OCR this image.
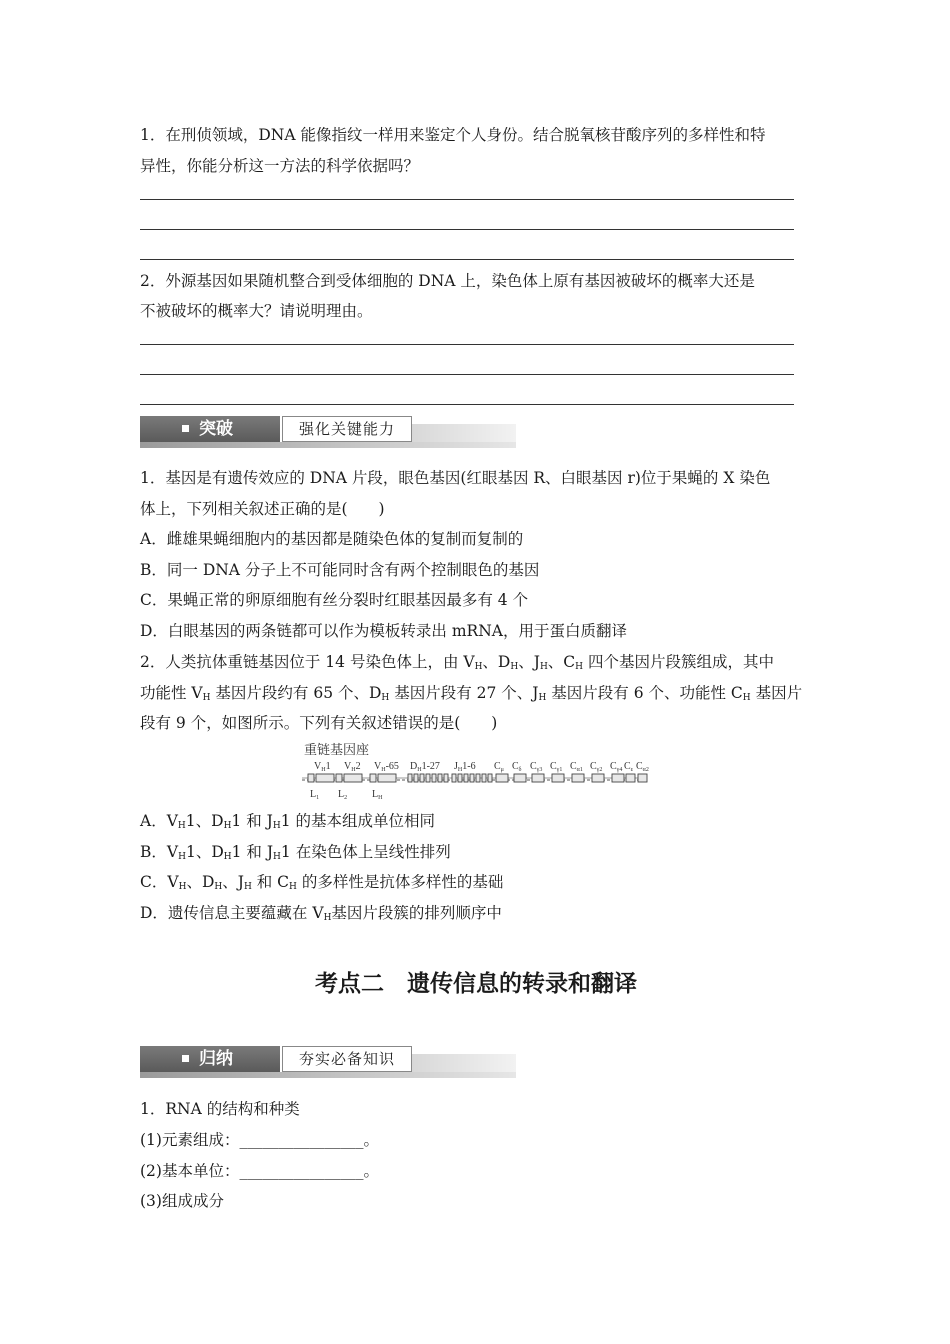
1．在刑侦领域，DNA 能像指纹一样用来鉴定个人身份。结合脱氧核苷酸序列的多样性和特
异性，你能分析这一方法的科学依据吗？
2．外源基因如果随机整合到受体细胞的 DNA 上，染色体上原有基因被破坏的概率大还是
不被破坏的概率大？请说明理由。
突破	强化关键能力
1．基因是有遗传效应的 DNA 片段，眼色基因(红眼基因 R、白眼基因 r)位于果蝇的 X 染色
体上，下列相关叙述正确的是(　　)
A．雌雄果蝇细胞内的基因都是随染色体的复制而复制的
B．同一 DNA 分子上不可能同时含有两个控制眼色的基因
C．果蝇正常的卵原细胞有丝分裂时红眼基因最多有 4 个
D．白眼基因的两条链都可以作为模板转录出 mRNA，用于蛋白质翻译
2．人类抗体重链基因位于 14 号染色体上，由 $V_H$、$D_H$、$J_H$、$C_H$ 四个基因片段簇组成，其中
功能性 $V_H$ 基因片段约有 65 个、$D_H$ 基因片段有 27 个、$J_H$ 基因片段有 6 个、功能性 $C_H$ 基因片
段有 9 个，如图所示。下列有关叙述错误的是(　　)
A．$V_H1$、$D_H1$ 和 $J_H1$ 的基本组成单位相同
B．$V_H1$、$D_H1$ 和 $J_H1$ 在染色体上呈线性排列
C．$V_H$、$D_H$、$J_H$ 和 $C_H$ 的多样性是抗体多样性的基础
D．遗传信息主要蕴藏在 $V_H$基因片段簇的排列顺序中
重链基因座
$V_H1$ $V_H2$ $V_H-65$ $D_H1-27$ $J_H1-6$ $C_\mu$ $C_\delta$ $C_{\gamma 3}$ $C_{\gamma 1}$ $C_{\alpha 1}$ $C_{\gamma 2}$ $C_{\gamma 4}$ $C_\varepsilon$ $C_{\alpha 2}$
$L_1$ $L_2$ $L_H$
考点二　遗传信息的转录和翻译
归纳	夯实必备知识
1．RNA 的结构和种类
(1)元素组成：________________。
(2)基本单位：________________。
(3)组成成分
